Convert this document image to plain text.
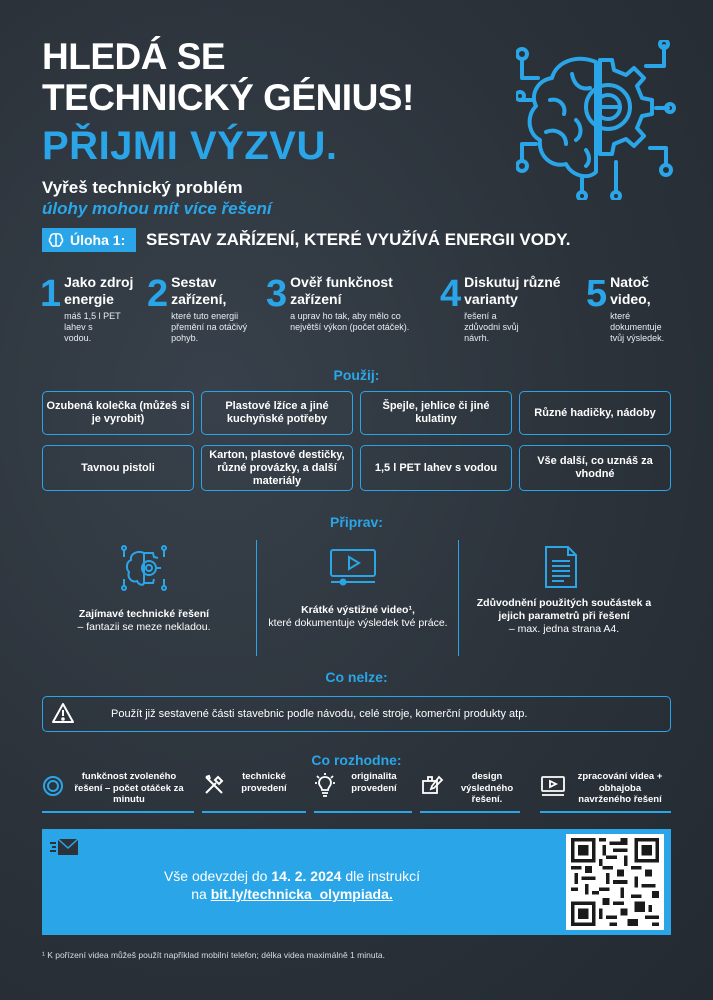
HLEDÁ SE
TECHNICKÝ GÉNIUS!
PŘIJMI VÝZVU.
Vyřeš technický problém
úlohy mohou mít více řešení
Úloha 1: SESTAV ZAŘÍZENÍ, KTERÉ VYUŽÍVÁ ENERGII VODY.
1 Jako zdroj energie
máš 1,5 l PET lahev s vodou.
2 Sestav zařízení,
které tuto energii přemění na otáčivý pohyb.
3 Ověř funkčnost zařízení
a uprav ho tak, aby mělo co největší výkon (počet otáček).
4 Diskutuj různé varianty
řešení a zdůvodni svůj návrh.
5 Natoč video,
které dokumentuje tvůj výsledek.
Použij:
Ozubená kolečka (můžeš si je vyrobit)
Plastové lžíce a jiné kuchyňské potřeby
Špejle, jehlice či jiné kulatiny
Různé hadičky, nádoby
Tavnou pistoli
Karton, plastové destičky, různé provázky, a další materiály
1,5 l PET lahev s vodou
Vše další, co uznáš za vhodné
Připrav:
Zajímavé technické řešení
– fantazii se meze nekladou.
Krátké výstižné video¹,
které dokumentuje výsledek tvé práce.
Zdůvodnění použitých součástek a jejich parametrů při řešení
– max. jedna strana A4.
Co nelze:
Použít již sestavené části stavebnic podle návodu, celé stroje, komerční produkty atp.
Co rozhodne:
funkčnost zvoleného řešení – počet otáček za minutu
technické provedení
originalita provedení
design výsledného řešení.
zpracování videa + obhajoba navrženého řešení
Vše odevzdej do 14. 2. 2024 dle instrukcí
na bit.ly/technicka_olympiada.
¹ K pořízení videa můžeš použít například mobilní telefon; délka videa maximálně 1 minuta.
